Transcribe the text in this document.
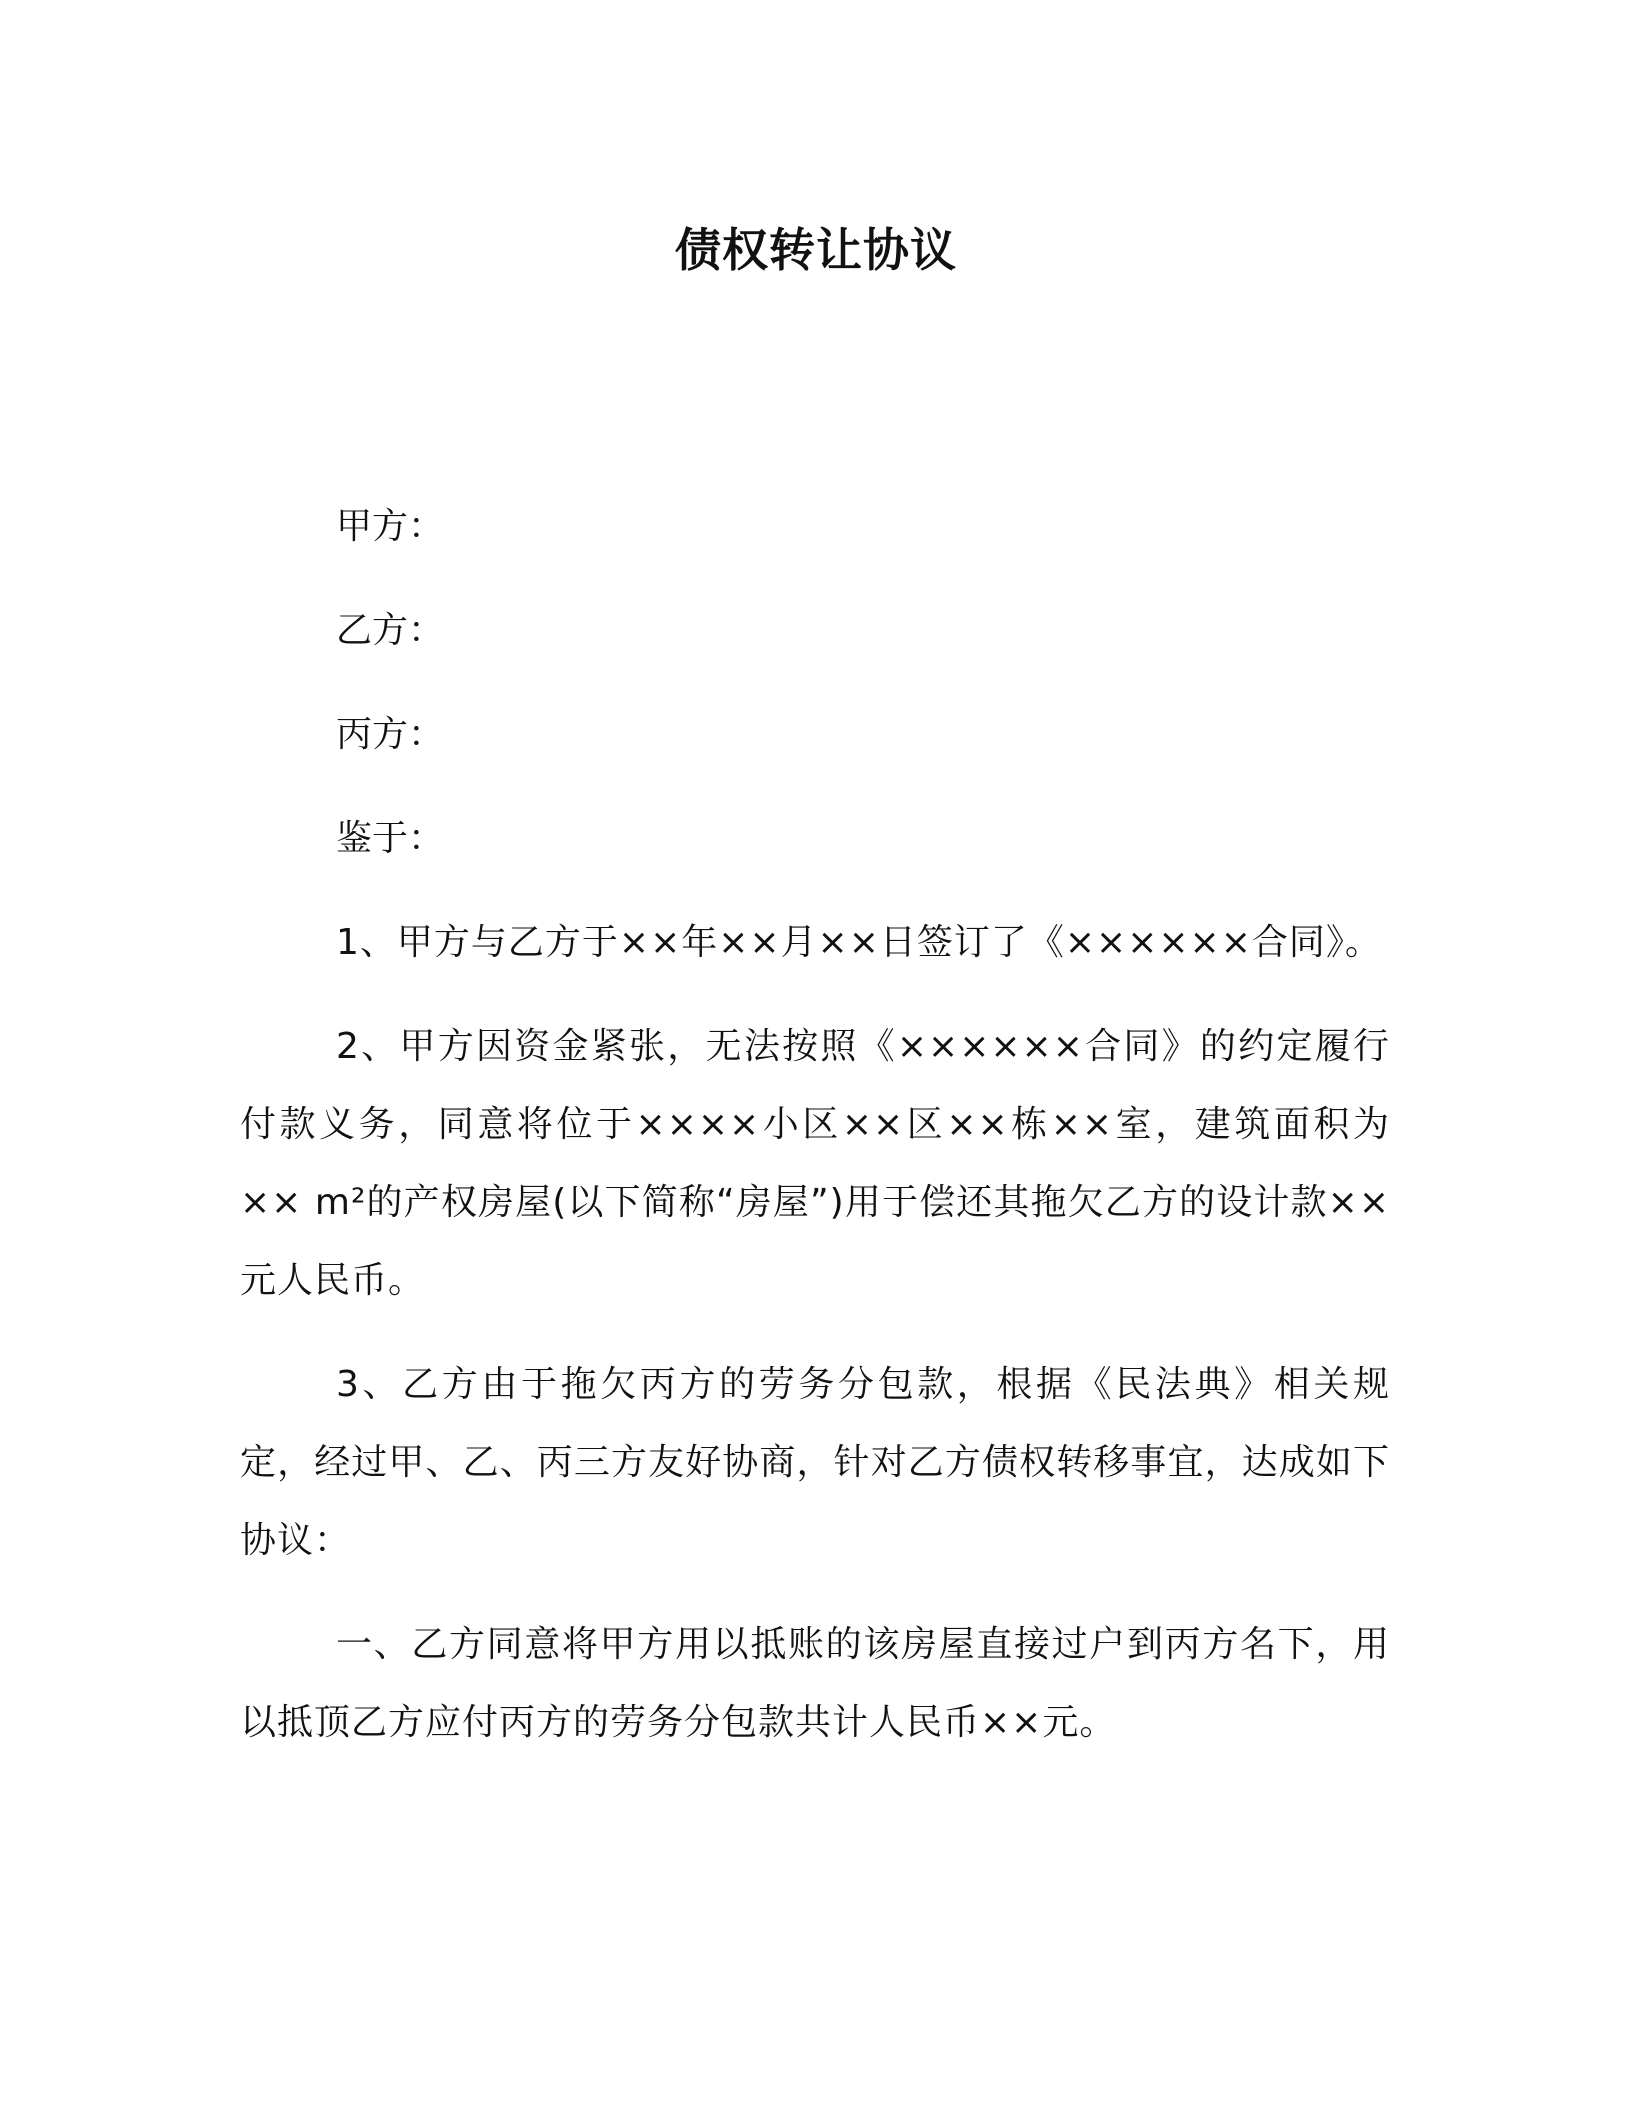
债权转让协议
甲方：
乙方：
丙方：
鉴于：

1、甲方与乙方于××年××月××日签订了《××××××合同》。

2、甲方因资金紧张，无法按照《××××××合同》的约定履行付款义务，同意将位于××××小区××区××栋××室，建筑面积为×× m²的产权房屋(以下简称“房屋”)用于偿还其拖欠乙方的设计款××元人民币。

3、乙方由于拖欠丙方的劳务分包款，根据《民法典》相关规定，经过甲、乙、丙三方友好协商，针对乙方债权转移事宜，达成如下协议：

一、乙方同意将甲方用以抵账的该房屋直接过户到丙方名下，用以抵顶乙方应付丙方的劳务分包款共计人民币××元。
